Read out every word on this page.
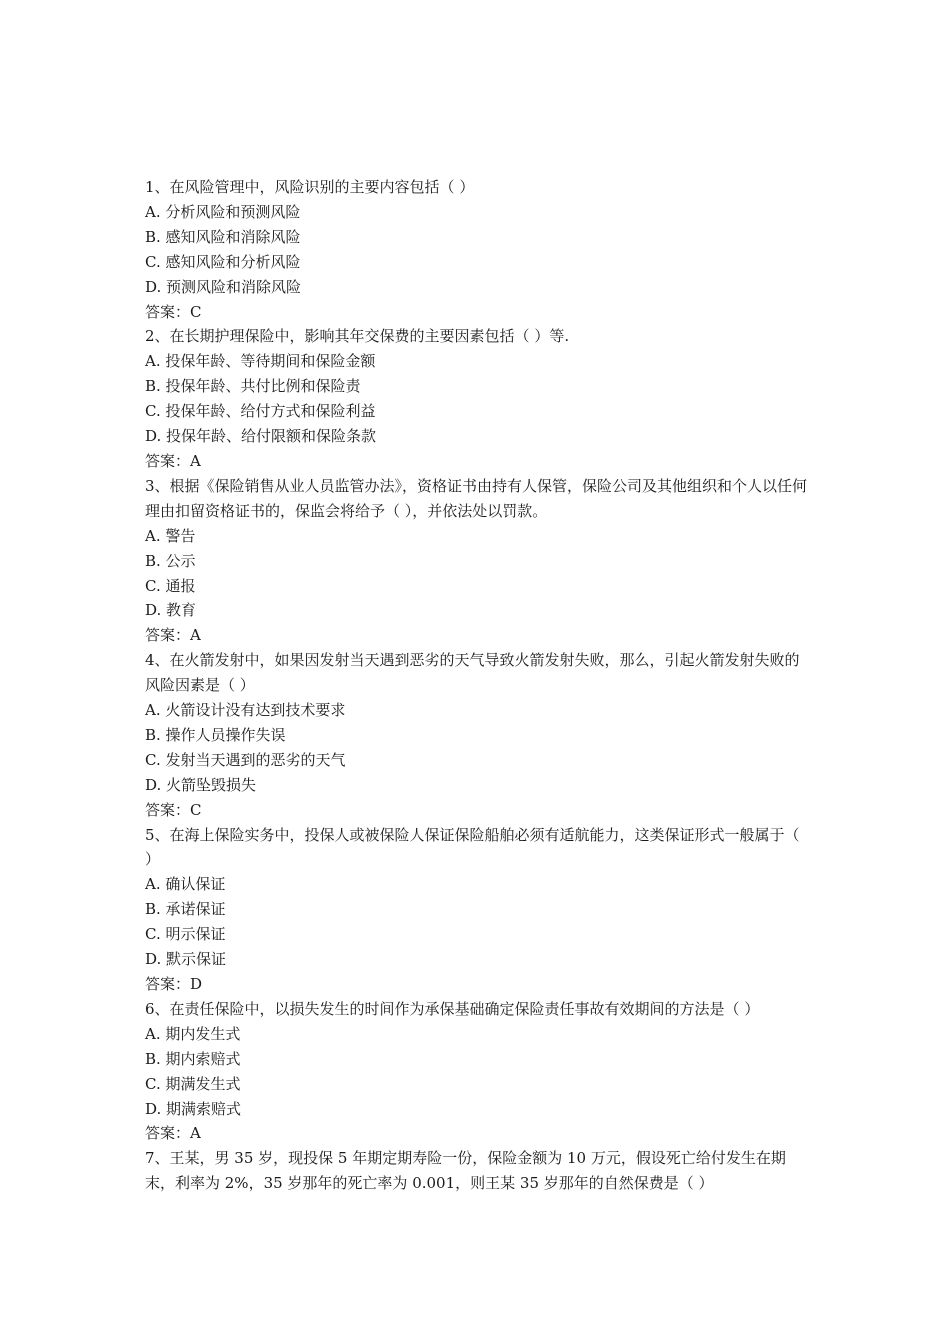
1、在风险管理中，风险识别的主要内容包括（ ）

A. 分析风险和预测风险

B. 感知风险和消除风险

C. 感知风险和分析风险

D. 预测风险和消除风险

答案：C

2、在长期护理保险中，影响其年交保费的主要因素包括（ ）等.

A. 投保年龄、等待期间和保险金额

B. 投保年龄、共付比例和保险责

C. 投保年龄、给付方式和保险利益

D. 投保年龄、给付限额和保险条款

答案：A

3、根据《保险销售从业人员监管办法》，资格证书由持有人保管，保险公司及其他组织和个人以任何理由扣留资格证书的，保监会将给予（ ），并依法处以罚款。

A. 警告

B. 公示

C. 通报

D. 教育

答案：A

4、在火箭发射中，如果因发射当天遇到恶劣的天气导致火箭发射失败，那么，引起火箭发射失败的风险因素是（ ）

A. 火箭设计没有达到技术要求

B. 操作人员操作失误

C. 发射当天遇到的恶劣的天气

D. 火箭坠毁损失

答案：C

5、在海上保险实务中，投保人或被保险人保证保险船舶必须有适航能力，这类保证形式一般属于（ ）

A. 确认保证

B. 承诺保证

C. 明示保证

D. 默示保证

答案：D

6、在责任保险中，以损失发生的时间作为承保基础确定保险责任事故有效期间的方法是（ ）

A. 期内发生式

B. 期内索赔式

C. 期满发生式

D. 期满索赔式

答案：A

7、王某，男 35 岁，现投保 5 年期定期寿险一份，保险金额为 10 万元，假设死亡给付发生在期末，利率为 2%，35 岁那年的死亡率为 0.001，则王某 35 岁那年的自然保费是（ ）
